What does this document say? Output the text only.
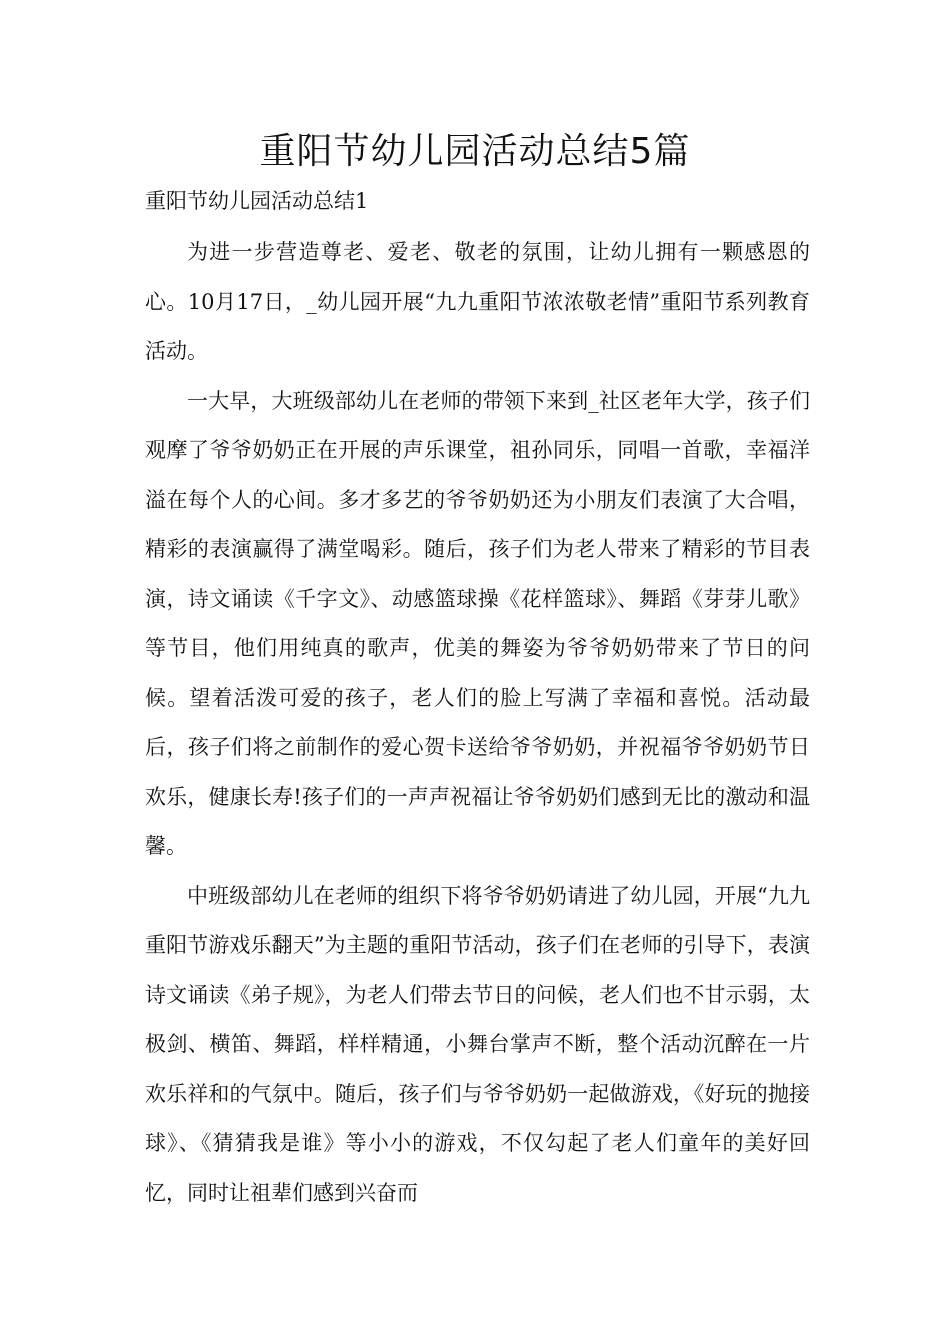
重阳节幼儿园活动总结5篇

重阳节幼儿园活动总结1

为进一步营造尊老、爱老、敬老的氛围，让幼儿拥有一颗感恩的心。10月17日，_幼儿园开展“九九重阳节浓浓敬老情”重阳节系列教育活动。

一大早，大班级部幼儿在老师的带领下来到_社区老年大学，孩子们观摩了爷爷奶奶正在开展的声乐课堂，祖孙同乐，同唱一首歌，幸福洋溢在每个人的心间。多才多艺的爷爷奶奶还为小朋友们表演了大合唱，精彩的表演赢得了满堂喝彩。随后，孩子们为老人带来了精彩的节目表演，诗文诵读《千字文》、动感篮球操《花样篮球》、舞蹈《芽芽儿歌》等节目，他们用纯真的歌声，优美的舞姿为爷爷奶奶带来了节日的问候。望着活泼可爱的孩子，老人们的脸上写满了幸福和喜悦。活动最后，孩子们将之前制作的爱心贺卡送给爷爷奶奶，并祝福爷爷奶奶节日欢乐，健康长寿!孩子们的一声声祝福让爷爷奶奶们感到无比的激动和温馨。

中班级部幼儿在老师的组织下将爷爷奶奶请进了幼儿园，开展“九九重阳节游戏乐翻天”为主题的重阳节活动，孩子们在老师的引导下，表演诗文诵读《弟子规》，为老人们带去节日的问候，老人们也不甘示弱，太极剑、横笛、舞蹈，样样精通，小舞台掌声不断，整个活动沉醉在一片欢乐祥和的气氛中。随后，孩子们与爷爷奶奶一起做游戏，《好玩的抛接球》、《猜猜我是谁》等小小的游戏，不仅勾起了老人们童年的美好回忆，同时让祖辈们感到兴奋而
